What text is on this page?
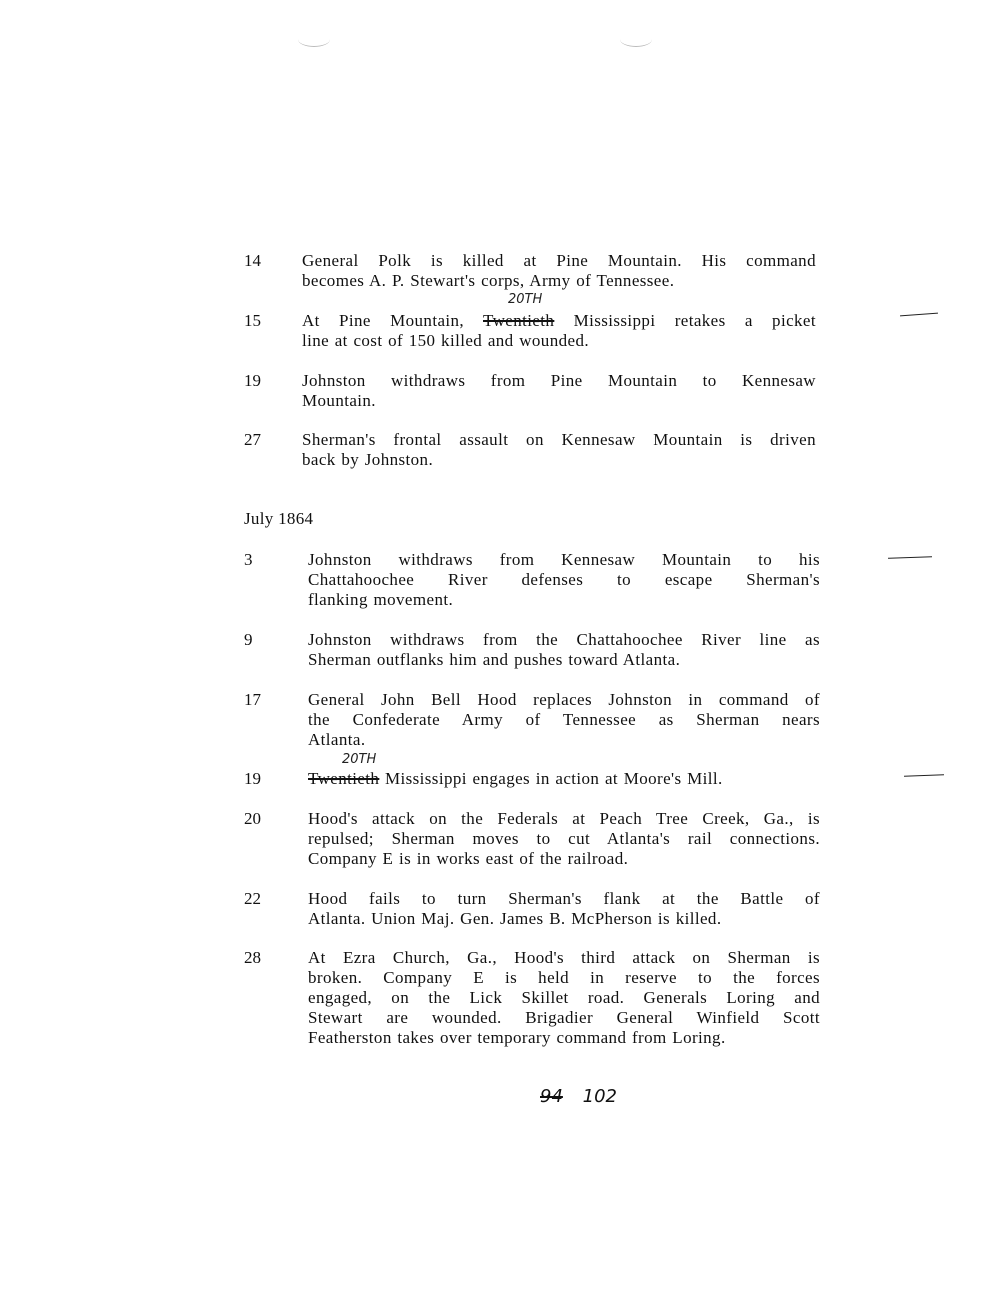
14	General Polk is killed at Pine Mountain. His command
becomes A. P. Stewart's corps, Army of Tennessee.
20TH
15	At Pine Mountain, Twentieth Mississippi retakes a picket
line at cost of 150 killed and wounded.
19	Johnston withdraws from Pine Mountain to Kennesaw
Mountain.
27	Sherman's frontal assault on Kennesaw Mountain is driven
back by Johnston.
July 1864
3	Johnston withdraws from Kennesaw Mountain to his
Chattahoochee River defenses to escape Sherman's
flanking movement.
9	Johnston withdraws from the Chattahoochee River line as
Sherman outflanks him and pushes toward Atlanta.
17	General John Bell Hood replaces Johnston in command of
the Confederate Army of Tennessee as Sherman nears
Atlanta.
20TH
19	Twentieth Mississippi engages in action at Moore's Mill.
20	Hood's attack on the Federals at Peach Tree Creek, Ga., is
repulsed; Sherman moves to cut Atlanta's rail connections.
Company E is in works east of the railroad.
22	Hood fails to turn Sherman's flank at the Battle of
Atlanta. Union Maj. Gen. James B. McPherson is killed.
28	At Ezra Church, Ga., Hood's third attack on Sherman is
broken. Company E is held in reserve to the forces
engaged, on the Lick Skillet road. Generals Loring and
Stewart are wounded. Brigadier General Winfield Scott
Featherston takes over temporary command from Loring.
94 102
